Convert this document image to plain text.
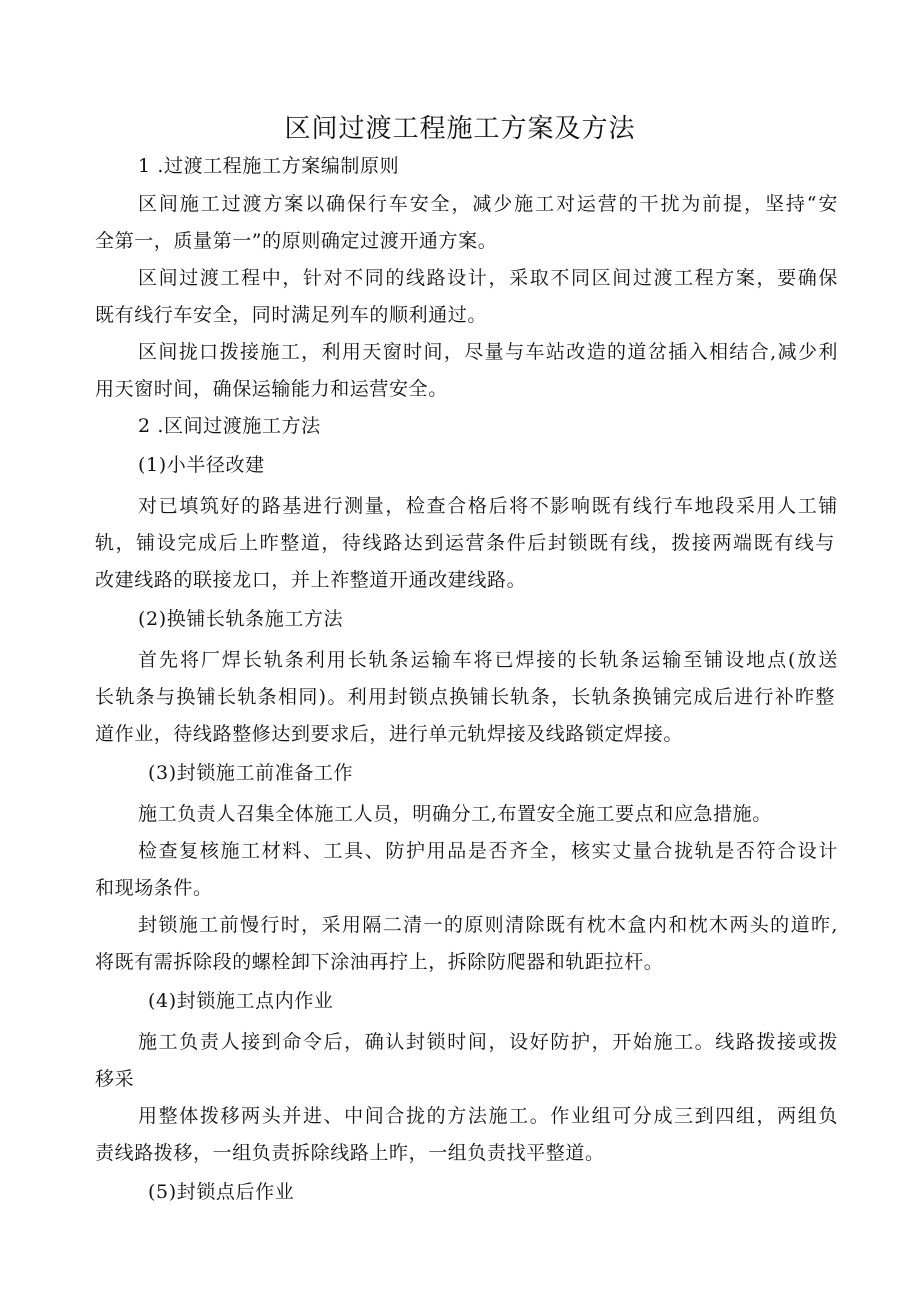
区间过渡工程施工方案及方法
1 .过渡工程施工方案编制原则
区间施工过渡方案以确保行车安全，减少施工对运营的干扰为前提，坚持“安
全第一，质量第一”的原则确定过渡开通方案。
区间过渡工程中，针对不同的线路设计，采取不同区间过渡工程方案，要确保
既有线行车安全，同时满足列车的顺利通过。
区间拢口拨接施工，利用天窗时间，尽量与车站改造的道岔插入相结合,减少利
用天窗时间，确保运输能力和运营安全。
2 .区间过渡施工方法
(1)小半径改建
对已填筑好的路基进行测量，检查合格后将不影响既有线行车地段采用人工铺
轨，铺设完成后上昨整道，待线路达到运营条件后封锁既有线，拨接两端既有线与
改建线路的联接龙口，并上祚整道开通改建线路。
(2)换铺长轨条施工方法
首先将厂焊长轨条利用长轨条运输车将已焊接的长轨条运输至铺设地点(放送
长轨条与换铺长轨条相同)。利用封锁点换铺长轨条，长轨条换铺完成后进行补昨整
道作业，待线路整修达到要求后，进行单元轨焊接及线路锁定焊接。
(3)封锁施工前准备工作
施工负责人召集全体施工人员，明确分工,布置安全施工要点和应急措施。
检查复核施工材料、工具、防护用品是否齐全，核实丈量合拢轨是否符合设计
和现场条件。
封锁施工前慢行时，采用隔二清一的原则清除既有枕木盒内和枕木两头的道昨,
将既有需拆除段的螺栓卸下涂油再拧上，拆除防爬器和轨距拉杆。
(4)封锁施工点内作业
施工负责人接到命令后，确认封锁时间，设好防护，开始施工。线路拨接或拨
移采
用整体拨移两头并进、中间合拢的方法施工。作业组可分成三到四组，两组负
责线路拨移，一组负责拆除线路上昨，一组负责找平整道。
(5)封锁点后作业
